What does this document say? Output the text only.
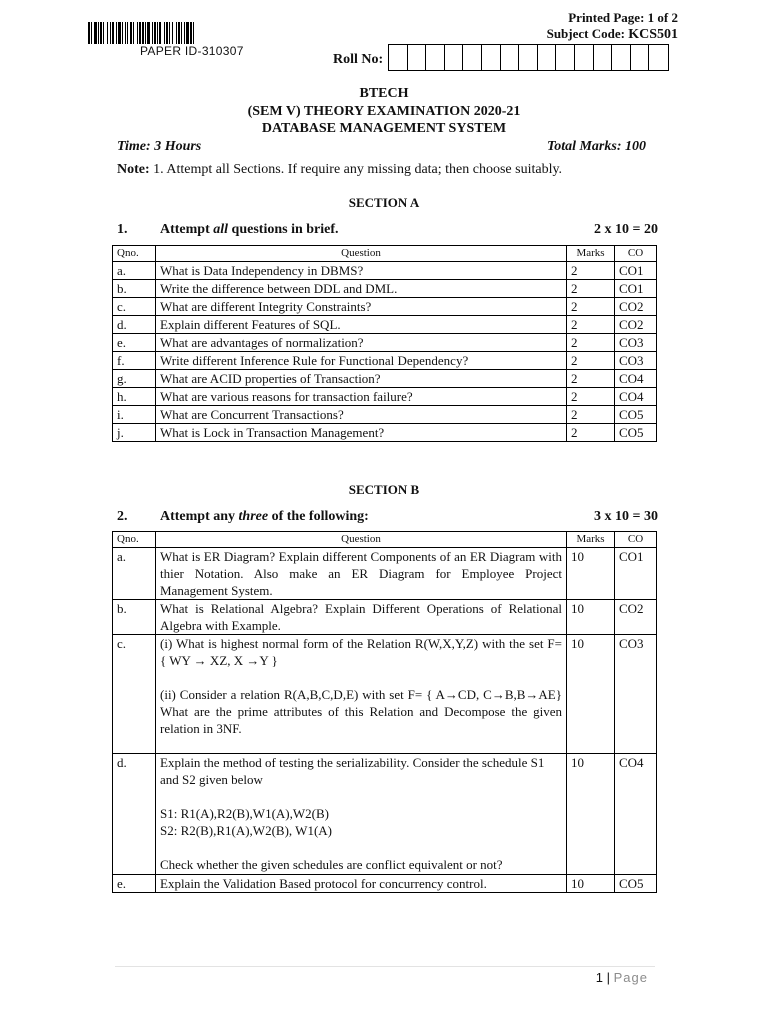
PAPER ID-310307
Printed Page: 1 of 2
Subject Code: KCS501
Roll No:
BTECH
(SEM V) THEORY EXAMINATION 2020-21
DATABASE MANAGEMENT SYSTEM
Time: 3 Hours	Total Marks: 100
Note: 1. Attempt all Sections. If require any missing data; then choose suitably.
SECTION A
1. Attempt all questions in brief.	2 x 10 = 20
Qno.	Question	Marks	CO
a.	What is Data Independency in DBMS?	2	CO1
b.	Write the difference between DDL and DML.	2	CO1
c.	What are different Integrity Constraints?	2	CO2
d.	Explain different Features of SQL.	2	CO2
e.	What are advantages of normalization?	2	CO3
f.	Write different Inference Rule for Functional Dependency?	2	CO3
g.	What are ACID properties of Transaction?	2	CO4
h.	What are various reasons for transaction failure?	2	CO4
i.	What are Concurrent Transactions?	2	CO5
j.	What is Lock in Transaction Management?	2	CO5
SECTION B
2. Attempt any three of the following:	3 x 10 = 30
Qno.	Question	Marks	CO
a.	What is ER Diagram? Explain different Components of an ER Diagram with thier Notation. Also make an ER Diagram for Employee Project Management System.	10	CO1
b.	What is Relational Algebra? Explain Different Operations of Relational Algebra with Example.	10	CO2
c.	(i) What is highest normal form of the Relation R(W,X,Y,Z) with the set F= { WY → XZ, X →Y }
(ii) Consider a relation R(A,B,C,D,E) with set F= { A→CD, C→B,B→AE} What are the prime attributes of this Relation and Decompose the given relation in 3NF.	10	CO3
d.	Explain the method of testing the serializability. Consider the schedule S1 and S2 given below
S1: R1(A),R2(B),W1(A),W2(B)
S2: R2(B),R1(A),W2(B), W1(A)
Check whether the given schedules are conflict equivalent or not?	10	CO4
e.	Explain the Validation Based protocol for concurrency control.	10	CO5
1 | Page
